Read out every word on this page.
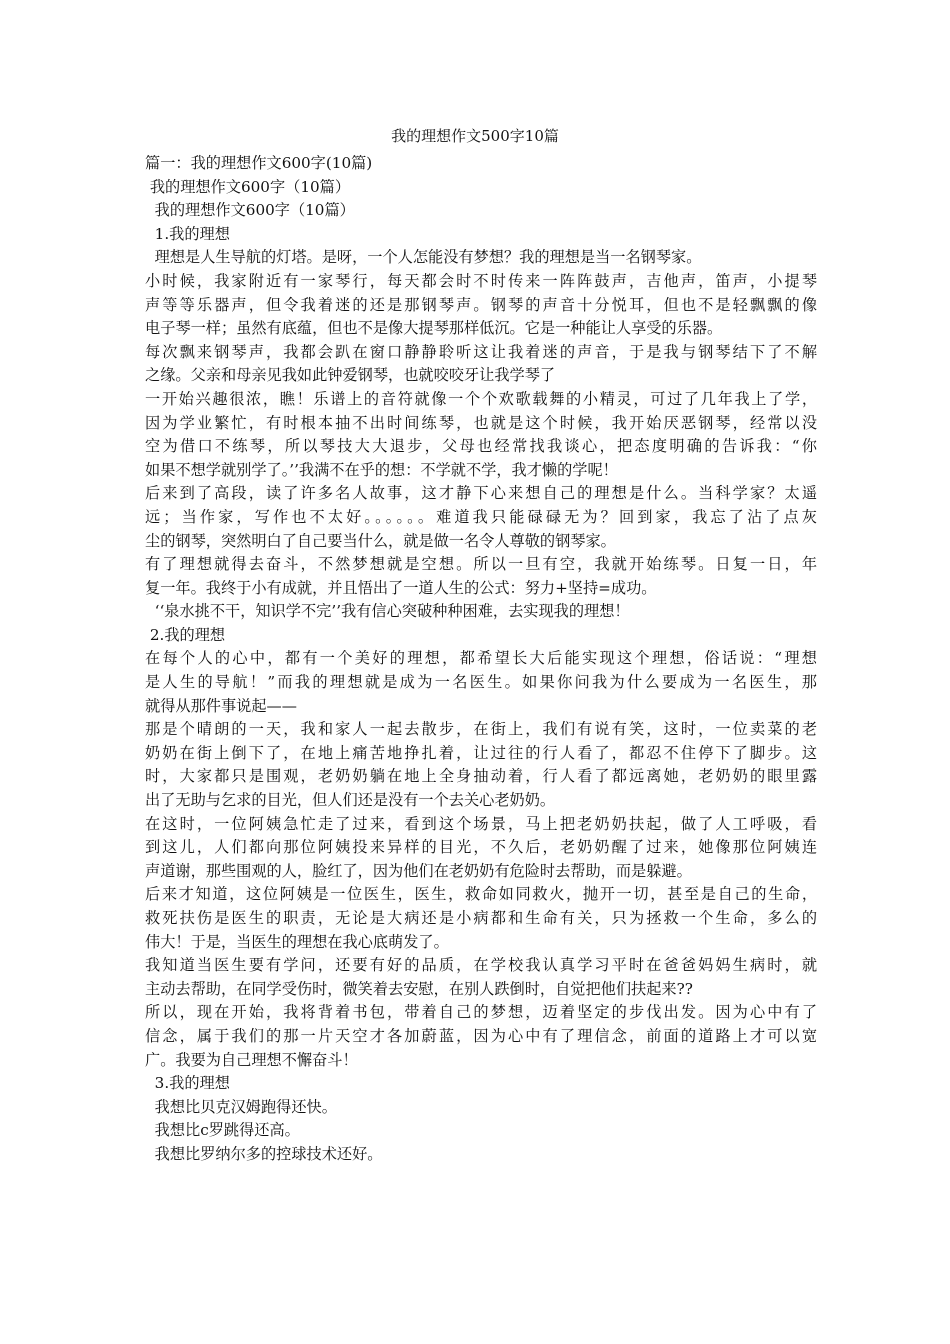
我的理想作文500字10篇
篇一：我的理想作文600字(10篇)
我的理想作文600字（10篇）
我的理想作文600字（10篇）
1.我的理想
理想是人生导航的灯塔。是呀，一个人怎能没有梦想？我的理想是当一名钢琴家。
小时候，我家附近有一家琴行，每天都会时不时传来一阵阵鼓声，吉他声，笛声，小提琴
声等等乐器声，但令我着迷的还是那钢琴声。钢琴的声音十分悦耳，但也不是轻飘飘的像
电子琴一样；虽然有底蕴，但也不是像大提琴那样低沉。它是一种能让人享受的乐器。
每次飘来钢琴声，我都会趴在窗口静静聆听这让我着迷的声音，于是我与钢琴结下了不解
之缘。父亲和母亲见我如此钟爱钢琴，也就咬咬牙让我学琴了
一开始兴趣很浓，瞧！乐谱上的音符就像一个个欢歌载舞的小精灵，可过了几年我上了学，
因为学业繁忙，有时根本抽不出时间练琴，也就是这个时候，我开始厌恶钢琴，经常以没
空为借口不练琴，所以琴技大大退步，父母也经常找我谈心，把态度明确的告诉我：“你
如果不想学就别学了。’’我满不在乎的想：不学就不学，我才懒的学呢！
后来到了高段，读了许多名人故事，这才静下心来想自己的理想是什么。当科学家？太遥
远；当作家，写作也不太好。。。。。。难道我只能碌碌无为？回到家，我忘了沾了点灰
尘的钢琴，突然明白了自己要当什么，就是做一名令人尊敬的钢琴家。
有了理想就得去奋斗，不然梦想就是空想。所以一旦有空，我就开始练琴。日复一日，年
复一年。我终于小有成就，并且悟出了一道人生的公式：努力+坚持=成功。
‘‘泉水挑不干，知识学不完’’我有信心突破种种困难，去实现我的理想！
2.我的理想
在每个人的心中，都有一个美好的理想，都希望长大后能实现这个理想，俗话说：“理想
是人生的导航！”而我的理想就是成为一名医生。如果你问我为什么要成为一名医生，那
就得从那件事说起——
那是个晴朗的一天，我和家人一起去散步，在街上，我们有说有笑，这时，一位卖菜的老
奶奶在街上倒下了，在地上痛苦地挣扎着，让过往的行人看了，都忍不住停下了脚步。这
时，大家都只是围观，老奶奶躺在地上全身抽动着，行人看了都远离她，老奶奶的眼里露
出了无助与乞求的目光，但人们还是没有一个去关心老奶奶。
在这时，一位阿姨急忙走了过来，看到这个场景，马上把老奶奶扶起，做了人工呼吸，看
到这儿，人们都向那位阿姨投来异样的目光，不久后，老奶奶醒了过来，她像那位阿姨连
声道谢，那些围观的人，脸红了，因为他们在老奶奶有危险时去帮助，而是躲避。
后来才知道，这位阿姨是一位医生，医生，救命如同救火，抛开一切，甚至是自己的生命，
救死扶伤是医生的职责，无论是大病还是小病都和生命有关，只为拯救一个生命，多么的
伟大！于是，当医生的理想在我心底萌发了。
我知道当医生要有学问，还要有好的品质，在学校我认真学习平时在爸爸妈妈生病时，就
主动去帮助，在同学受伤时，微笑着去安慰，在别人跌倒时，自觉把他们扶起来??
所以，现在开始，我将背着书包，带着自己的梦想，迈着坚定的步伐出发。因为心中有了
信念，属于我们的那一片天空才各加蔚蓝，因为心中有了理信念，前面的道路上才可以宽
广。我要为自己理想不懈奋斗！
3.我的理想
我想比贝克汉姆跑得还快。
我想比c罗跳得还高。
我想比罗纳尔多的控球技术还好。
